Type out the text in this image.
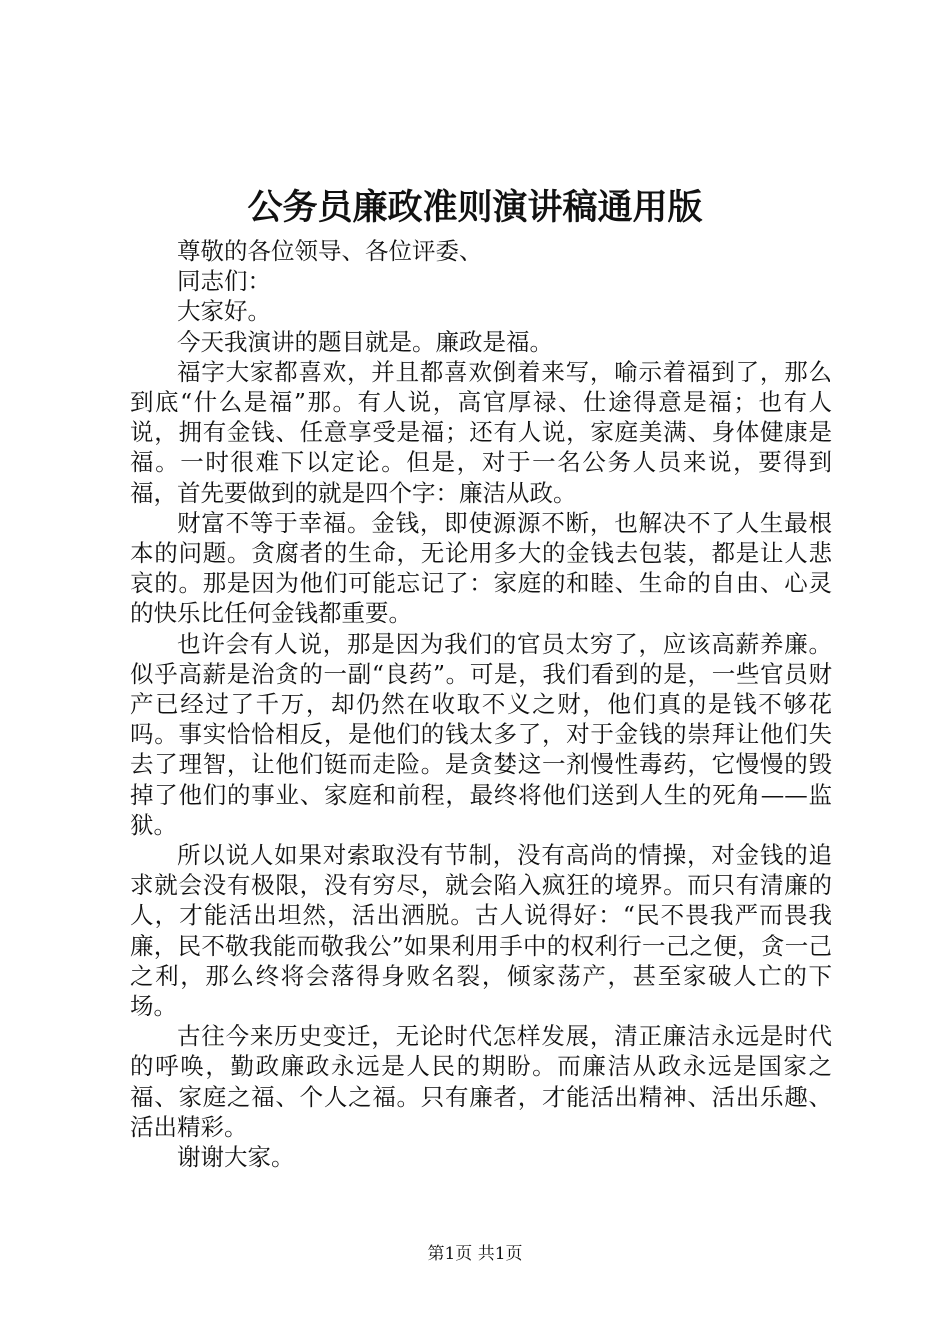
公务员廉政准则演讲稿通用版

尊敬的各位领导、各位评委、

同志们：

大家好。

今天我演讲的题目就是。廉政是福。

福字大家都喜欢，并且都喜欢倒着来写，喻示着福到了，那么到底“什么是福”那。有人说，高官厚禄、仕途得意是福；也有人说，拥有金钱、任意享受是福；还有人说，家庭美满、身体健康是福。一时很难下以定论。但是，对于一名公务人员来说，要得到福，首先要做到的就是四个字：廉洁从政。

财富不等于幸福。金钱，即使源源不断，也解决不了人生最根本的问题。贪腐者的生命，无论用多大的金钱去包装，都是让人悲哀的。那是因为他们可能忘记了：家庭的和睦、生命的自由、心灵的快乐比任何金钱都重要。

也许会有人说，那是因为我们的官员太穷了，应该高薪养廉。似乎高薪是治贪的一副“良药”。可是，我们看到的是，一些官员财产已经过了千万，却仍然在收取不义之财，他们真的是钱不够花吗。事实恰恰相反，是他们的钱太多了，对于金钱的崇拜让他们失去了理智，让他们铤而走险。是贪婪这一剂慢性毒药，它慢慢的毁掉了他们的事业、家庭和前程，最终将他们送到人生的死角——监狱。

所以说人如果对索取没有节制，没有高尚的情操，对金钱的追求就会没有极限，没有穷尽，就会陷入疯狂的境界。而只有清廉的人，才能活出坦然，活出洒脱。古人说得好：“民不畏我严而畏我廉，民不敬我能而敬我公”如果利用手中的权利行一己之便，贪一己之利，那么终将会落得身败名裂，倾家荡产，甚至家破人亡的下场。

古往今来历史变迁，无论时代怎样发展，清正廉洁永远是时代的呼唤，勤政廉政永远是人民的期盼。而廉洁从政永远是国家之福、家庭之福、个人之福。只有廉者，才能活出精神、活出乐趣、活出精彩。

谢谢大家。

第1页 共1页
